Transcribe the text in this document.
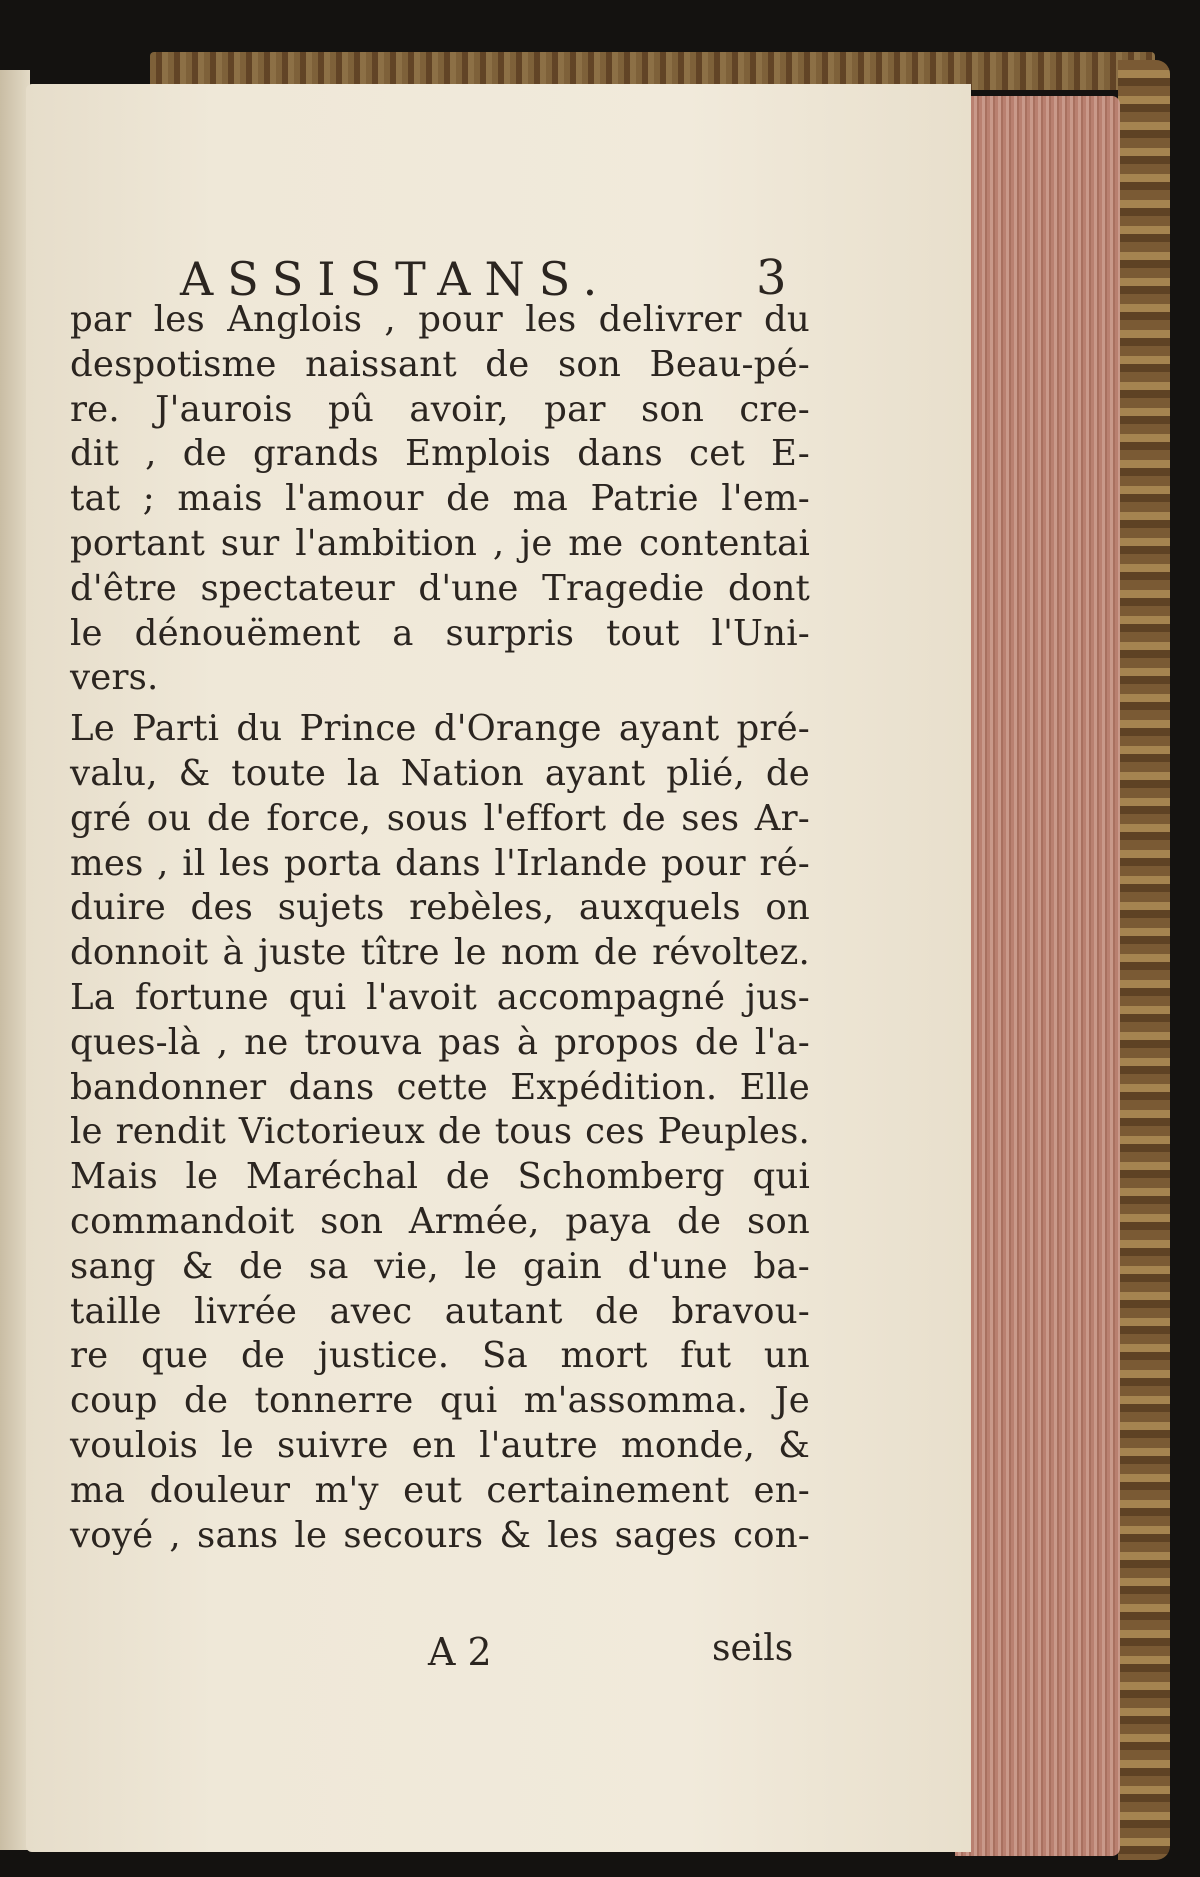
ASSISTANS.	3
par les Anglois , pour les delivrer du
despotisme naissant de son Beau-pé-
re. J'aurois pû avoir, par son cre-
dit , de grands Emplois dans cet E-
tat ; mais l'amour de ma Patrie l'em-
portant sur l'ambition , je me contentai
d'être spectateur d'une Tragedie dont
le dénouëment a surpris tout l'Uni-
vers.
Le Parti du Prince d'Orange ayant pré-
valu, & toute la Nation ayant plié, de
gré ou de force, sous l'effort de ses Ar-
mes , il les porta dans l'Irlande pour ré-
duire des sujets rebèles, auxquels on
donnoit à juste tître le nom de révoltez.
La fortune qui l'avoit accompagné jus-
ques-là , ne trouva pas à propos de l'a-
bandonner dans cette Expédition. Elle
le rendit Victorieux de tous ces Peuples.
Mais le Maréchal de Schomberg qui
commandoit son Armée, paya de son
sang & de sa vie, le gain d'une ba-
taille livrée avec autant de bravou-
re que de justice. Sa mort fut un
coup de tonnerre qui m'assomma. Je
voulois le suivre en l'autre monde, &
ma douleur m'y eut certainement en-
voyé , sans le secours & les sages con-
A 2	seils
